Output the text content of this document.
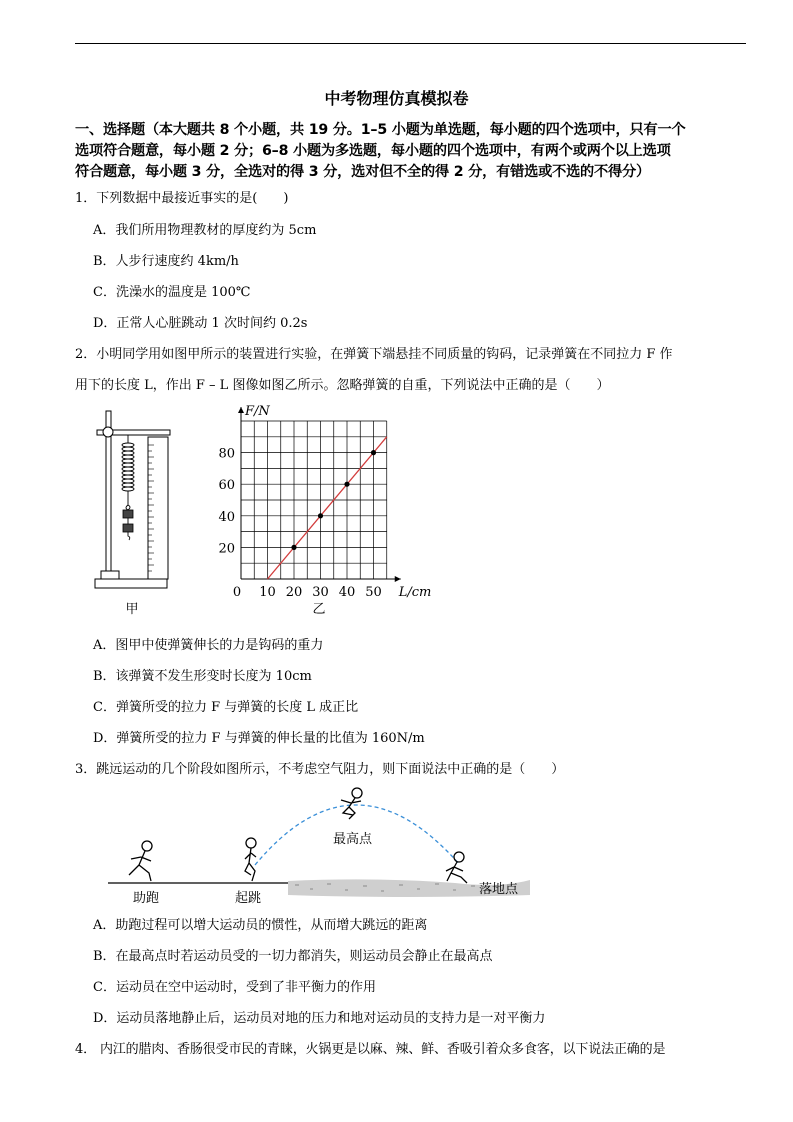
中考物理仿真模拟卷
一、选择题（本大题共 8 个小题，共 19 分。1–5 小题为单选题，每小题的四个选项中，只有一个
选项符合题意，每小题 2 分；6–8 小题为多选题，每小题的四个选项中，有两个或两个以上选项
符合题意，每小题 3 分，全选对的得 3 分，选对但不全的得 2 分，有错选或不选的不得分）
1．下列数据中最接近事实的是(　　)
A．我们所用物理教材的厚度约为 5cm
B．人步行速度约 4km/h
C．洗澡水的温度是 100℃
D．正常人心脏跳动 1 次时间约 0.2s
2．小明同学用如图甲所示的装置进行实验，在弹簧下端悬挂不同质量的钩码，记录弹簧在不同拉力 F 作
用下的长度 L，作出 F – L 图像如图乙所示。忽略弹簧的自重，下列说法中正确的是（　　）
甲
10 20 30 40 50
20
40
60
80
F/N
L/cm
0
乙
A．图甲中使弹簧伸长的力是钩码的重力
B．该弹簧不发生形变时长度为 10cm
C．弹簧所受的拉力 F 与弹簧的长度 L 成正比
D．弹簧所受的拉力 F 与弹簧的伸长量的比值为 160N/m
3．跳远运动的几个阶段如图所示，不考虑空气阻力，则下面说法中正确的是（　　）
助跑	起跳
最高点
落地点
A．助跑过程可以增大运动员的惯性，从而增大跳远的距离
B．在最高点时若运动员受的一切力都消失，则运动员会静止在最高点
C．运动员在空中运动时，受到了非平衡力的作用
D．运动员落地静止后，运动员对地的压力和地对运动员的支持力是一对平衡力
4． 内江的腊肉、香肠很受市民的青睐，火锅更是以麻、辣、鲜、香吸引着众多食客，以下说法正确的是
